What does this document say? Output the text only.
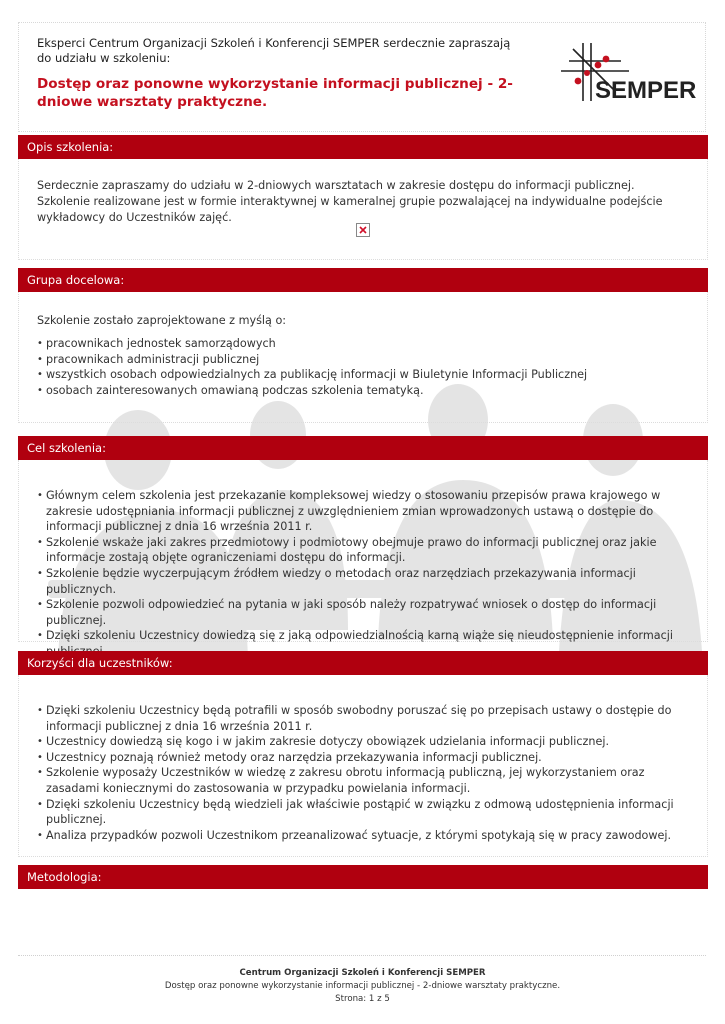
Eksperci Centrum Organizacji Szkoleń i Konferencji SEMPER serdecznie zapraszają do udziału w szkoleniu:
Dostęp oraz ponowne wykorzystanie informacji publicznej - 2-dniowe warsztaty praktyczne.	SEMPER
Opis szkolenia:

Serdecznie zapraszamy do udziału w 2-dniowych warsztatach w zakresie dostępu do informacji publicznej. Szkolenie realizowane jest w formie interaktywnej w kameralnej grupie pozwalającej na indywidualne podejście wykładowcy do Uczestników zajęć.

Grupa docelowa:

Szkolenie zostało zaprojektowane z myślą o:

• pracownikach jednostek samorządowych
• pracownikach administracji publicznej
• wszystkich osobach odpowiedzialnych za publikację informacji w Biuletynie Informacji Publicznej
• osobach zainteresowanych omawianą podczas szkolenia tematyką.
Cel szkolenia:
• Głównym celem szkolenia jest przekazanie kompleksowej wiedzy o stosowaniu przepisów prawa krajowego w zakresie udostępniania informacji publicznej z uwzględnieniem zmian wprowadzonych ustawą o dostępie do informacji publicznej z dnia 16 września 2011 r.
• Szkolenie wskaże jaki zakres przedmiotowy i podmiotowy obejmuje prawo do informacji publicznej oraz jakie informacje zostają objęte ograniczeniami dostępu do informacji.
• Szkolenie będzie wyczerpującym źródłem wiedzy o metodach oraz narzędziach przekazywania informacji publicznych.
• Szkolenie pozwoli odpowiedzieć na pytania w jaki sposób należy rozpatrywać wniosek o dostęp do informacji publicznej.
• Dzięki szkoleniu Uczestnicy dowiedzą się z jaką odpowiedzialnością karną wiąże się nieudostępnienie informacji
Korzyści dla uczestników:
• Dzięki szkoleniu Uczestnicy będą potrafili w sposób swobodny poruszać się po przepisach ustawy o dostępie do informacji publicznej z dnia 16 września 2011 r.
• Uczestnicy dowiedzą się kogo i w jakim zakresie dotyczy obowiązek udzielania informacji publicznej.
• Uczestnicy poznają również metody oraz narzędzia przekazywania informacji publicznej.
• Szkolenie wyposaży Uczestników w wiedzę z zakresu obrotu informacją publiczną, jej wykorzystaniem oraz zasadami koniecznymi do zastosowania w przypadku powielania informacji.
• Dzięki szkoleniu Uczestnicy będą wiedzieli jak właściwie postąpić w związku z odmową udostępnienia informacji publicznej.
• Analiza przypadków pozwoli Uczestnikom przeanalizować sytuacje, z którymi spotykają się w pracy zawodowej.
Metodologia:
Centrum Organizacji Szkoleń i Konferencji SEMPER
Dostęp oraz ponowne wykorzystanie informacji publicznej - 2-dniowe warsztaty praktyczne.
Strona: 1 z 5
